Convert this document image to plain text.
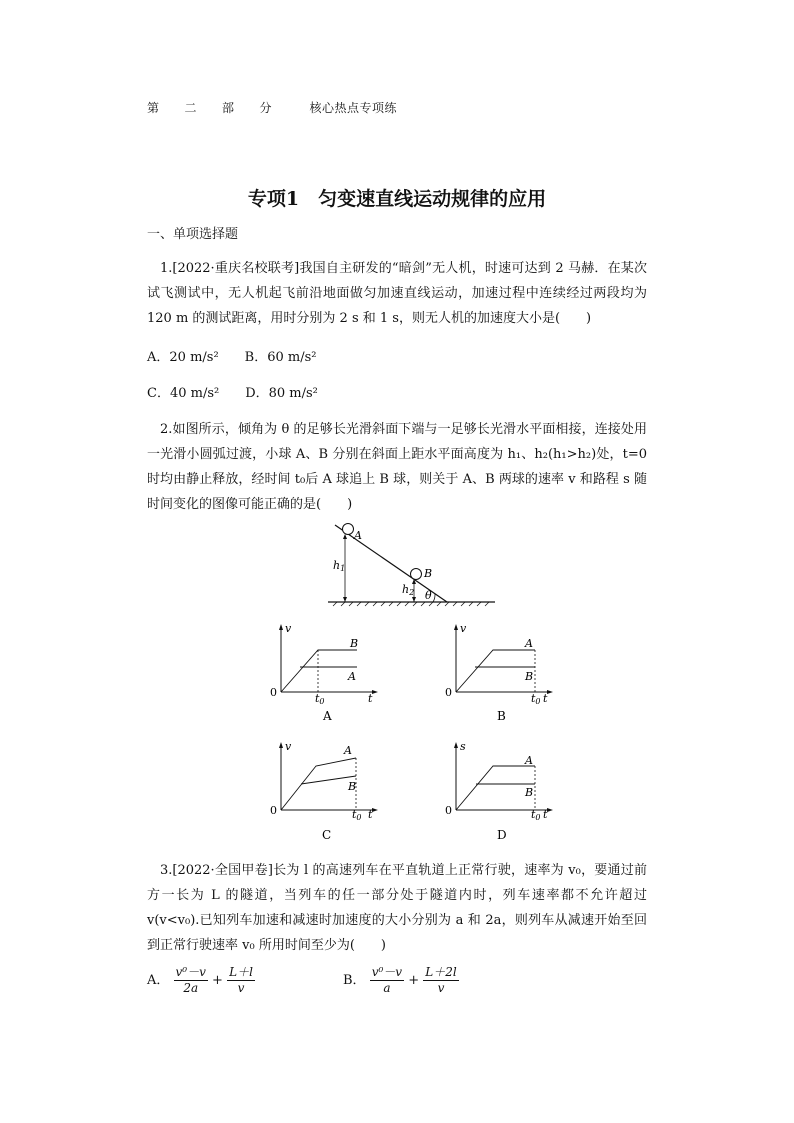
第　　二　　部　　分　　　核心热点专项练
专项1　匀变速直线运动规律的应用
一、单项选择题
1.[2022·重庆名校联考]我国自主研发的“暗剑”无人机，时速可达到 2 马赫．在某次试飞测试中，无人机起飞前沿地面做匀加速直线运动，加速过程中连续经过两段均为 120 m 的测试距离，用时分别为 2 s 和 1 s，则无人机的加速度大小是(　　)
A．20 m/s²　　B．60 m/s²
C．40 m/s²　　D．80 m/s²
2.如图所示，倾角为 θ 的足够长光滑斜面下端与一足够长光滑水平面相接，连接处用一光滑小圆弧过渡，小球 A、B 分别在斜面上距水平面高度为 h₁、h₂(h₁>h₂)处，t=0 时均由静止释放，经时间 t₀后 A 球追上 B 球，则关于 A、B 两球的速率 v 和路程 s 随时间变化的图像可能正确的是(　　)
A
B
h1
h2 θ
v
0	t
t0
B
A
A
v
0	t
t0
A
B
B
v
0	t
t0
A
B
C
s
0	t
t0
A
B
D
3.[2022·全国甲卷]长为 l 的高速列车在平直轨道上正常行驶，速率为 v₀，要通过前方一长为 L 的隧道，当列车的任一部分处于隧道内时，列车速率都不允许超过 v(v<v₀).已知列车加速和减速时加速度的大小分别为 a 和 2a，则列车从减速开始至回到正常行驶速率 v₀ 所用时间至少为(　　)
A． $\frac{\text{v⁰－v}}{2a} + \frac{L+l}{v}$	B． $\frac{\text{v⁰－v}}{a} + \frac{L+2l}{v}$
